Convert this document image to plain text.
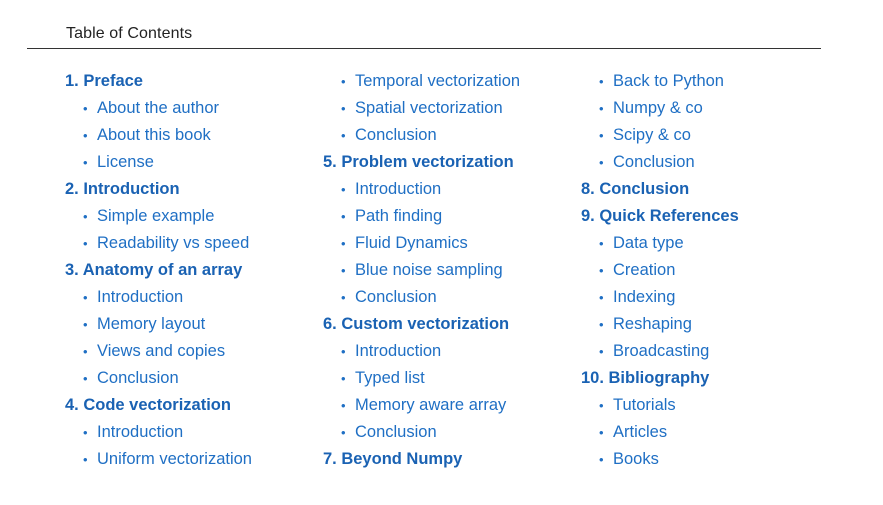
Table of Contents
1. Preface
• About the author
• About this book
• License
2. Introduction
• Simple example
• Readability vs speed
3. Anatomy of an array
• Introduction
• Memory layout
• Views and copies
• Conclusion
4. Code vectorization
• Introduction
• Uniform vectorization
• Temporal vectorization
• Spatial vectorization
• Conclusion
5. Problem vectorization
• Introduction
• Path finding
• Fluid Dynamics
• Blue noise sampling
• Conclusion
6. Custom vectorization
• Introduction
• Typed list
• Memory aware array
• Conclusion
7. Beyond Numpy
• Back to Python
• Numpy & co
• Scipy & co
• Conclusion
8. Conclusion
9. Quick References
• Data type
• Creation
• Indexing
• Reshaping
• Broadcasting
10. Bibliography
• Tutorials
• Articles
• Books
